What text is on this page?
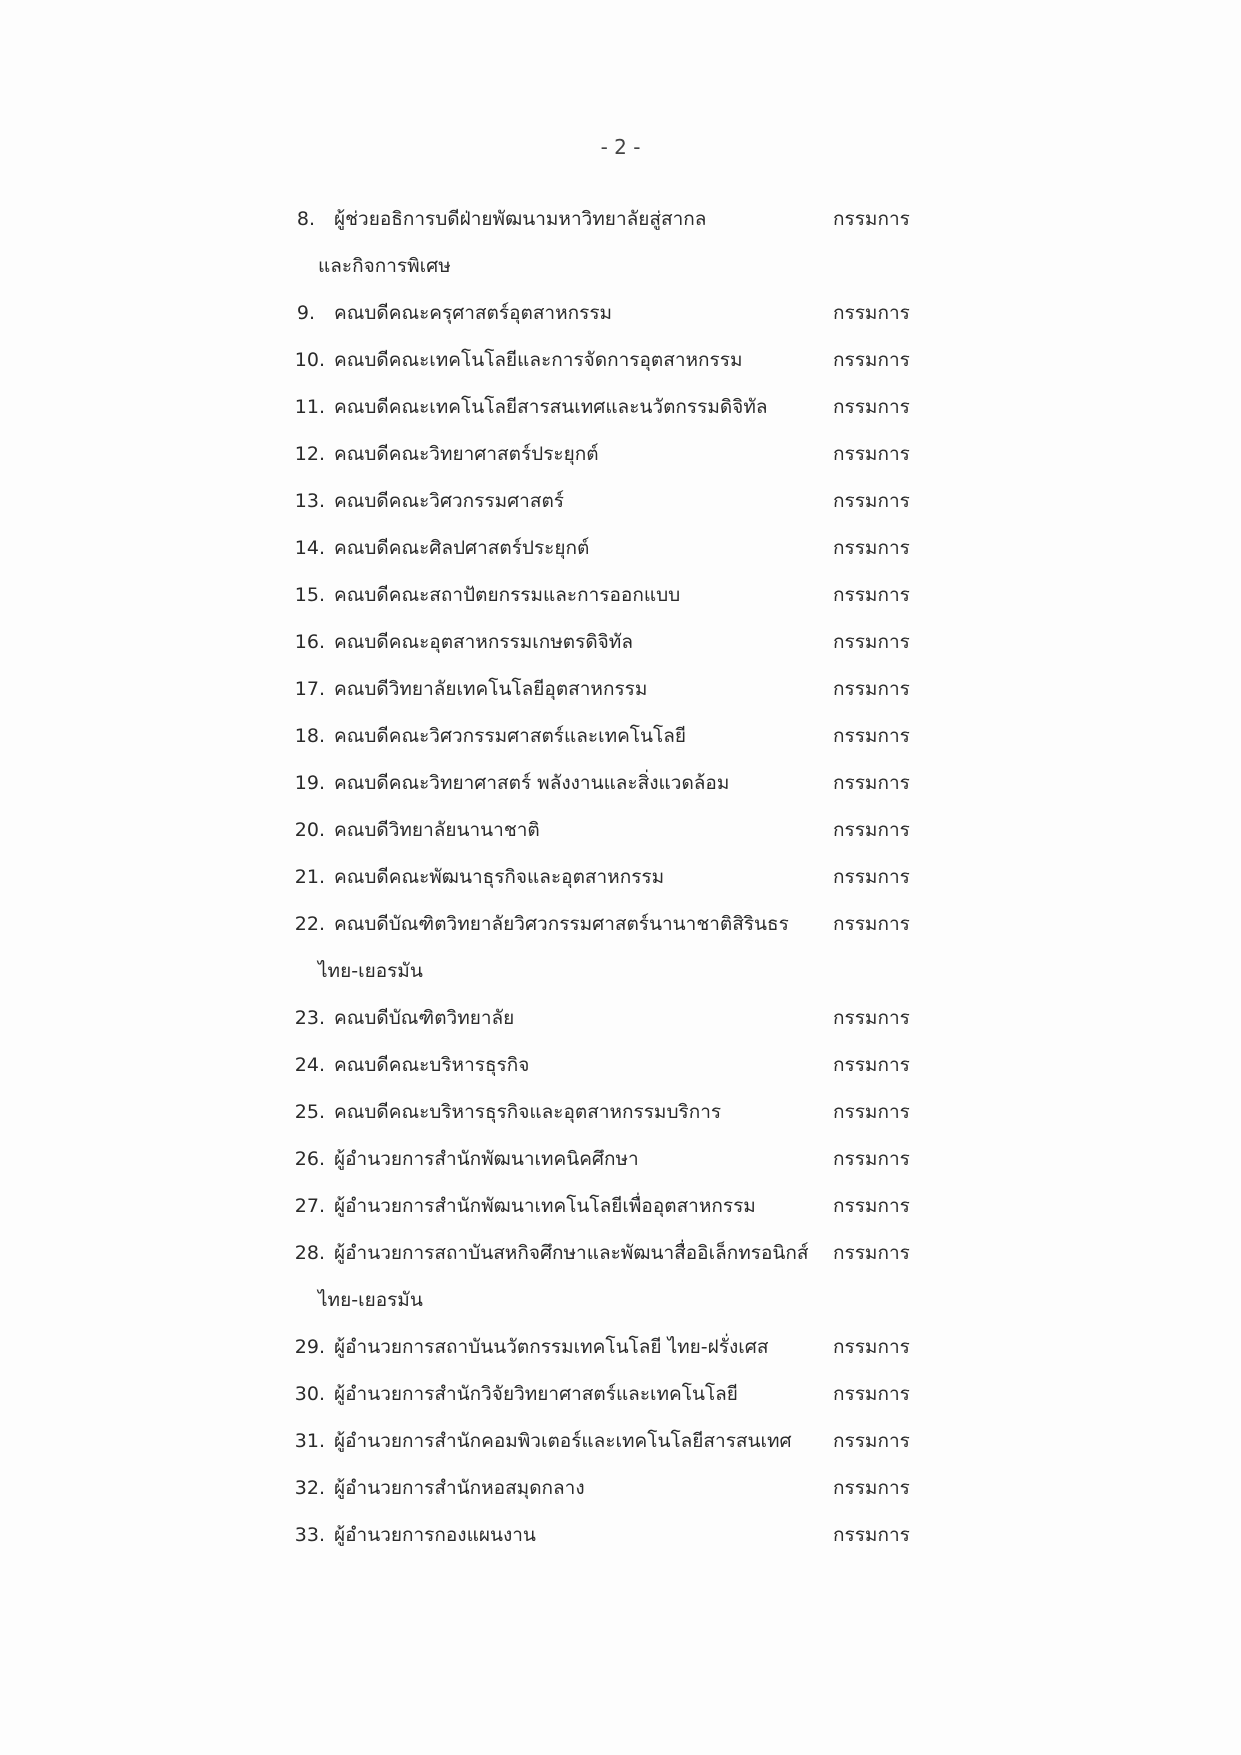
- 2 -
8. ผู้ช่วยอธิการบดีฝ่ายพัฒนามหาวิทยาลัยสู่สากล	กรรมการ
และกิจการพิเศษ
9. คณบดีคณะครุศาสตร์อุตสาหกรรม	กรรมการ
10. คณบดีคณะเทคโนโลยีและการจัดการอุตสาหกรรม	กรรมการ
11. คณบดีคณะเทคโนโลยีสารสนเทศและนวัตกรรมดิจิทัล	กรรมการ
12. คณบดีคณะวิทยาศาสตร์ประยุกต์	กรรมการ
13. คณบดีคณะวิศวกรรมศาสตร์	กรรมการ
14. คณบดีคณะศิลปศาสตร์ประยุกต์	กรรมการ
15. คณบดีคณะสถาปัตยกรรมและการออกแบบ	กรรมการ
16. คณบดีคณะอุตสาหกรรมเกษตรดิจิทัล	กรรมการ
17. คณบดีวิทยาลัยเทคโนโลยีอุตสาหกรรม	กรรมการ
18. คณบดีคณะวิศวกรรมศาสตร์และเทคโนโลยี	กรรมการ
19. คณบดีคณะวิทยาศาสตร์ พลังงานและสิ่งแวดล้อม	กรรมการ
20. คณบดีวิทยาลัยนานาชาติ	กรรมการ
21. คณบดีคณะพัฒนาธุรกิจและอุตสาหกรรม	กรรมการ
22. คณบดีบัณฑิตวิทยาลัยวิศวกรรมศาสตร์นานาชาติสิรินธร กรรมการ
ไทย-เยอรมัน
23. คณบดีบัณฑิตวิทยาลัย	กรรมการ
24. คณบดีคณะบริหารธุรกิจ	กรรมการ
25. คณบดีคณะบริหารธุรกิจและอุตสาหกรรมบริการ	กรรมการ
26. ผู้อำนวยการสำนักพัฒนาเทคนิคศึกษา	กรรมการ
27. ผู้อำนวยการสำนักพัฒนาเทคโนโลยีเพื่ออุตสาหกรรม	กรรมการ
28. ผู้อำนวยการสถาบันสหกิจศึกษาและพัฒนาสื่ออิเล็กทรอนิกส์ กรรมการ
ไทย-เยอรมัน
29. ผู้อำนวยการสถาบันนวัตกรรมเทคโนโลยี ไทย-ฝรั่งเศส	กรรมการ
30. ผู้อำนวยการสำนักวิจัยวิทยาศาสตร์และเทคโนโลยี	กรรมการ
31. ผู้อำนวยการสำนักคอมพิวเตอร์และเทคโนโลยีสารสนเทศ กรรมการ
32. ผู้อำนวยการสำนักหอสมุดกลาง	กรรมการ
33. ผู้อำนวยการกองแผนงาน	กรรมการ
